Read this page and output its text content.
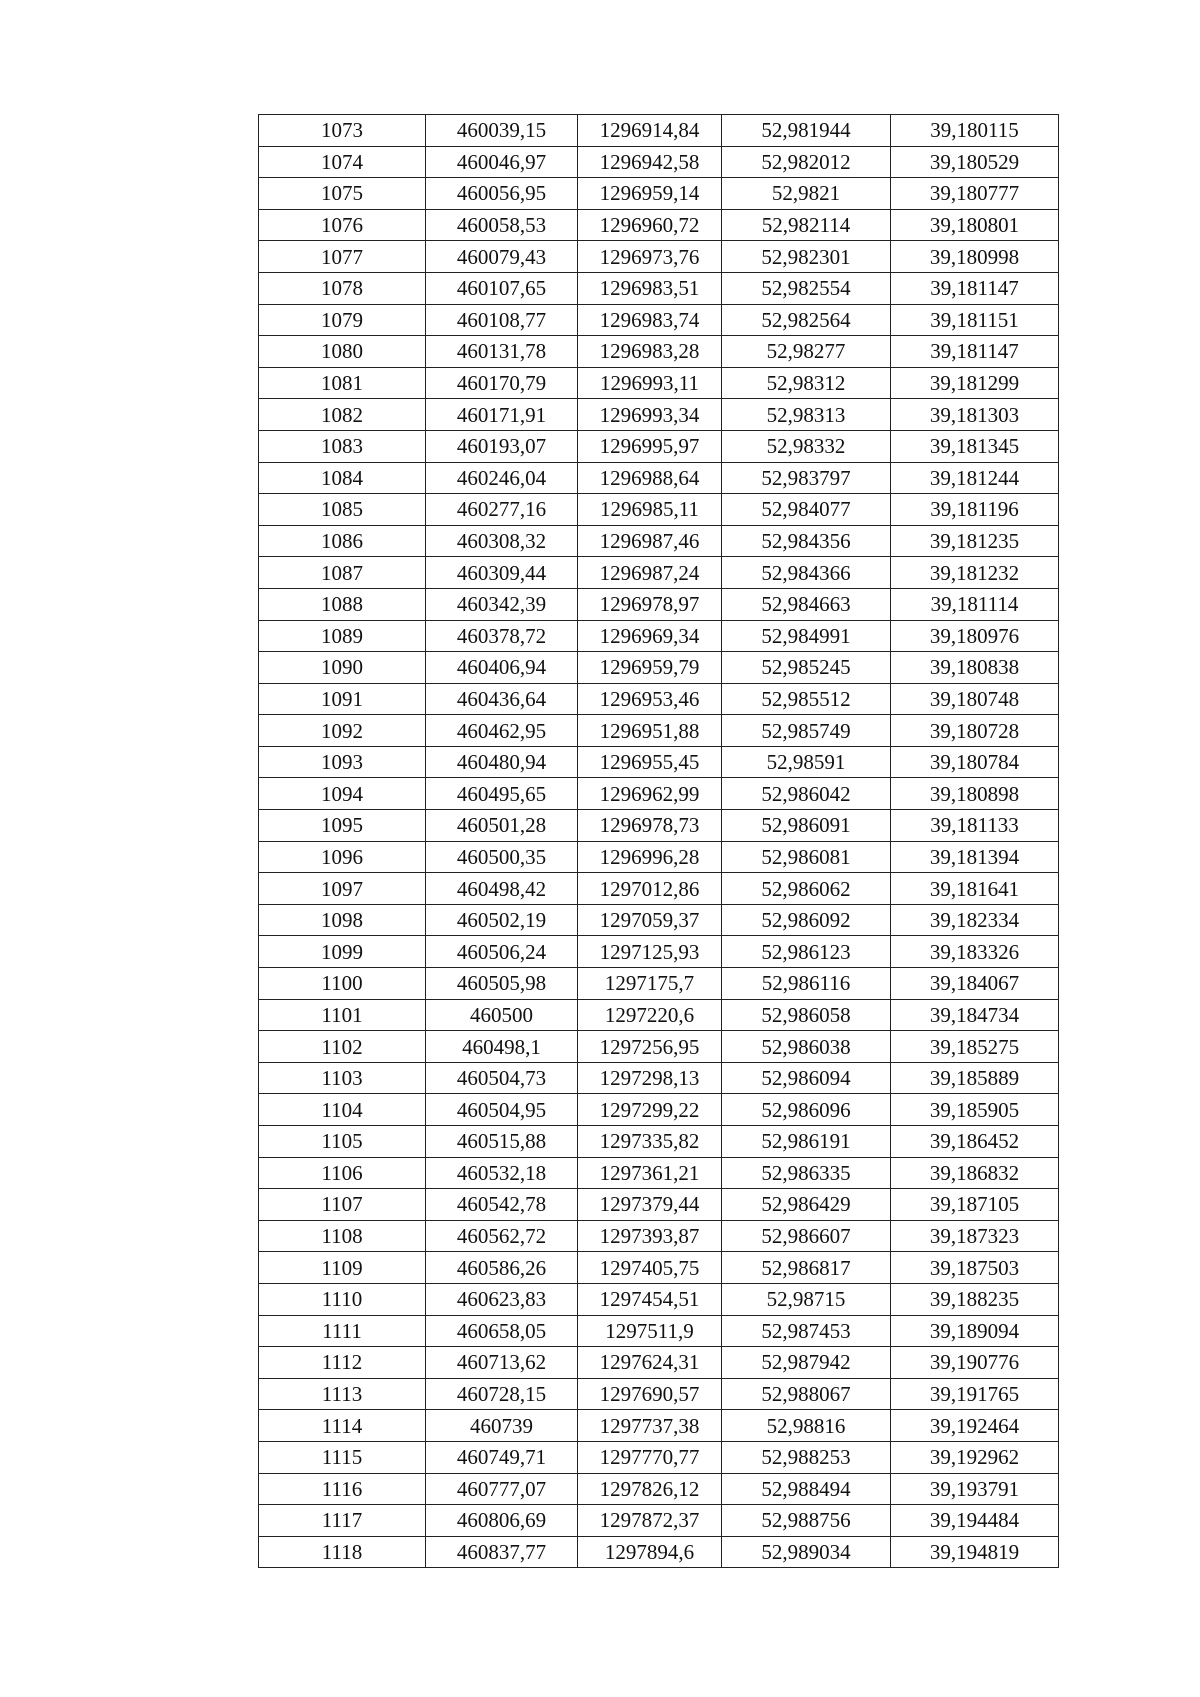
1073	460039,15	1296914,84	52,981944	39,180115
1074	460046,97	1296942,58	52,982012	39,180529
1075	460056,95	1296959,14	52,9821	39,180777
1076	460058,53	1296960,72	52,982114	39,180801
1077	460079,43	1296973,76	52,982301	39,180998
1078	460107,65	1296983,51	52,982554	39,181147
1079	460108,77	1296983,74	52,982564	39,181151
1080	460131,78	1296983,28	52,98277	39,181147
1081	460170,79	1296993,11	52,98312	39,181299
1082	460171,91	1296993,34	52,98313	39,181303
1083	460193,07	1296995,97	52,98332	39,181345
1084	460246,04	1296988,64	52,983797	39,181244
1085	460277,16	1296985,11	52,984077	39,181196
1086	460308,32	1296987,46	52,984356	39,181235
1087	460309,44	1296987,24	52,984366	39,181232
1088	460342,39	1296978,97	52,984663	39,181114
1089	460378,72	1296969,34	52,984991	39,180976
1090	460406,94	1296959,79	52,985245	39,180838
1091	460436,64	1296953,46	52,985512	39,180748
1092	460462,95	1296951,88	52,985749	39,180728
1093	460480,94	1296955,45	52,98591	39,180784
1094	460495,65	1296962,99	52,986042	39,180898
1095	460501,28	1296978,73	52,986091	39,181133
1096	460500,35	1296996,28	52,986081	39,181394
1097	460498,42	1297012,86	52,986062	39,181641
1098	460502,19	1297059,37	52,986092	39,182334
1099	460506,24	1297125,93	52,986123	39,183326
1100	460505,98	1297175,7	52,986116	39,184067
1101	460500	1297220,6	52,986058	39,184734
1102	460498,1	1297256,95	52,986038	39,185275
1103	460504,73	1297298,13	52,986094	39,185889
1104	460504,95	1297299,22	52,986096	39,185905
1105	460515,88	1297335,82	52,986191	39,186452
1106	460532,18	1297361,21	52,986335	39,186832
1107	460542,78	1297379,44	52,986429	39,187105
1108	460562,72	1297393,87	52,986607	39,187323
1109	460586,26	1297405,75	52,986817	39,187503
1110	460623,83	1297454,51	52,98715	39,188235
1111	460658,05	1297511,9	52,987453	39,189094
1112	460713,62	1297624,31	52,987942	39,190776
1113	460728,15	1297690,57	52,988067	39,191765
1114	460739	1297737,38	52,98816	39,192464
1115	460749,71	1297770,77	52,988253	39,192962
1116	460777,07	1297826,12	52,988494	39,193791
1117	460806,69	1297872,37	52,988756	39,194484
1118	460837,77	1297894,6	52,989034	39,194819
